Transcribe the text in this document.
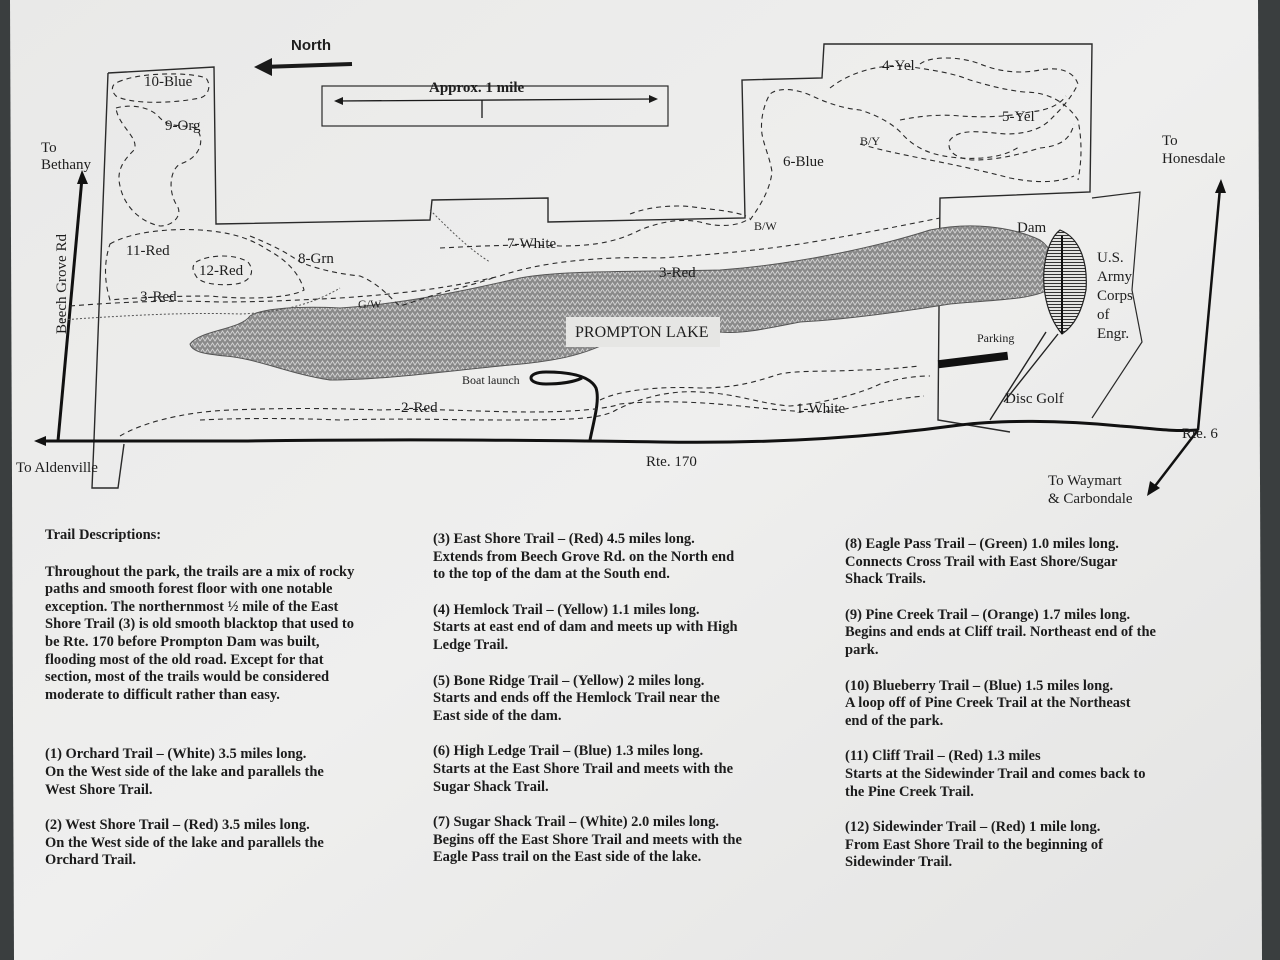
North
Approx. 1 mile
PROMPTON LAKE
10-Blue
9-Org
11-Red
12-Red
8-Grn
3-Red
3-Red
G/W
7-White
B/W
6-Blue
B/Y
4-Yel
5-Yel
2-Red	1-White
To
Bethany
To
Honesdale
Beech Grove Rd
To Aldenville	Rte. 170
Rte. 6
To Waymart
& Carbondale
Dam
U.S.
Army
Corps
of
Engr.
Parking
Disc Golf
Boat launch

Trail Descriptions:

Throughout the park, the trails are a mix of rocky

paths and smooth forest floor with one notable

exception. The northernmost ½ mile of the East

Shore Trail (3) is old smooth blacktop that used to

be Rte. 170 before Prompton Dam was built,

flooding most of the old road. Except for that

section, most of the trails would be considered

moderate to difficult rather than easy.

(1) Orchard Trail – (White) 3.5 miles long.

On the West side of the lake and parallels the

West Shore Trail.

(2) West Shore Trail – (Red) 3.5 miles long.

On the West side of the lake and parallels the

Orchard Trail.

(3) East Shore Trail – (Red) 4.5 miles long.

Extends from Beech Grove Rd. on the North end

to the top of the dam at the South end.

(4) Hemlock Trail – (Yellow) 1.1 miles long.

Starts at east end of dam and meets up with High

Ledge Trail.

(5) Bone Ridge Trail – (Yellow) 2 miles long.

Starts and ends off the Hemlock Trail near the

East side of the dam.

(6) High Ledge Trail – (Blue) 1.3 miles long.

Starts at the East Shore Trail and meets with the

Sugar Shack Trail.

(7) Sugar Shack Trail – (White) 2.0 miles long.

Begins off the East Shore Trail and meets with the

Eagle Pass trail on the East side of the lake.

(8) Eagle Pass Trail – (Green) 1.0 miles long.

Connects Cross Trail with East Shore/Sugar

Shack Trails.

(9) Pine Creek Trail – (Orange) 1.7 miles long.

Begins and ends at Cliff trail. Northeast end of the

park.

(10) Blueberry Trail – (Blue) 1.5 miles long.

A loop off of Pine Creek Trail at the Northeast

end of the park.

(11) Cliff Trail – (Red) 1.3 miles

Starts at the Sidewinder Trail and comes back to

the Pine Creek Trail.

(12) Sidewinder Trail – (Red) 1 mile long.

From East Shore Trail to the beginning of

Sidewinder Trail.
